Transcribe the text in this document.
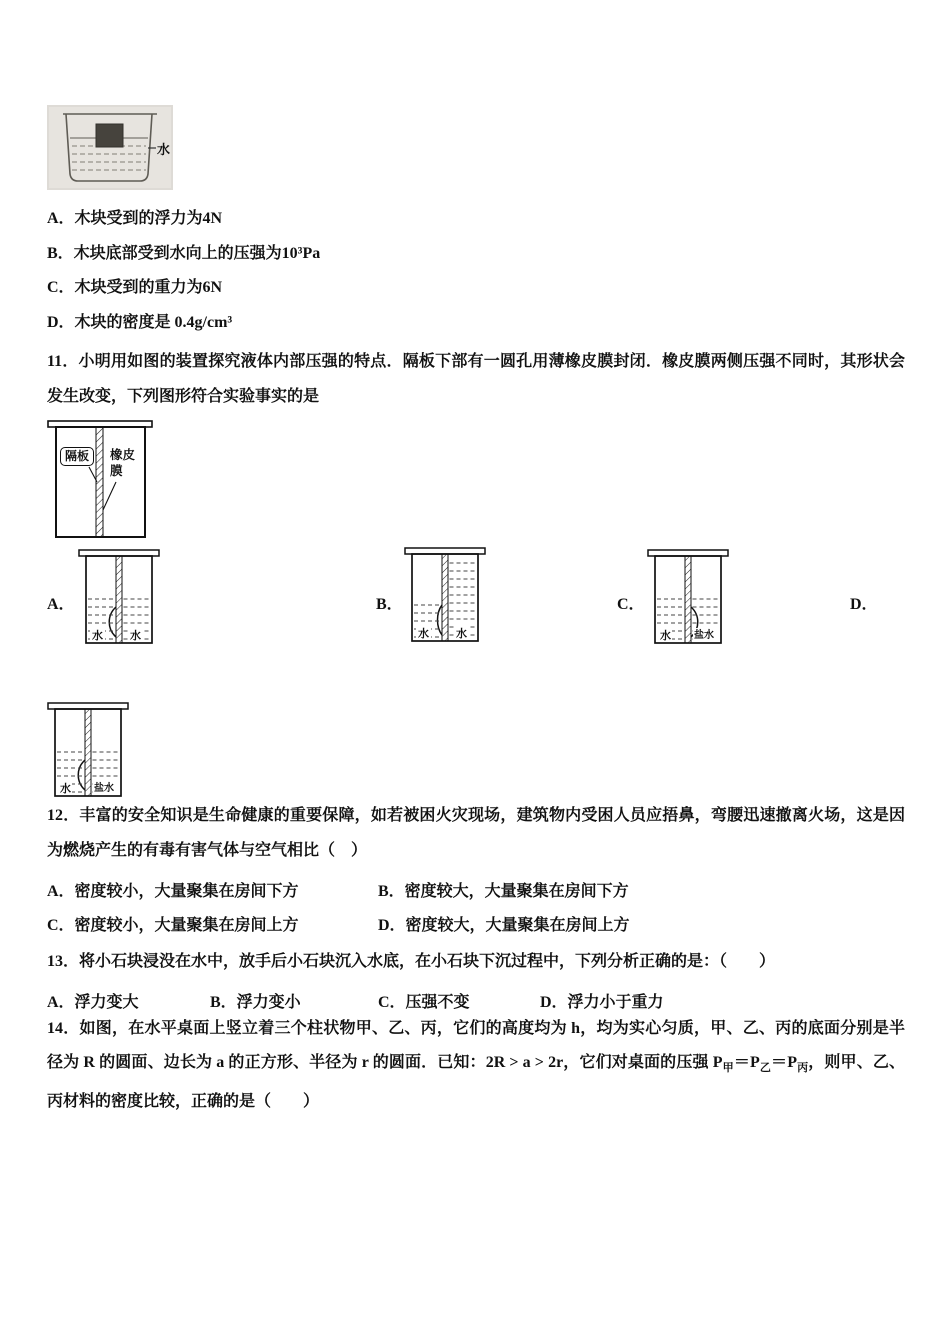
水
A．木块受到的浮力为4N
B．木块底部受到水向上的压强为10³Pa
C．木块受到的重力为6N
D．木块的密度是 0.4g/cm³
11．小明用如图的装置探究液体内部压强的特点．隔板下部有一圆孔用薄橡皮膜封闭．橡皮膜两侧压强不同时，其形状会发生改变，下列图形符合实验事实的是
隔板	橡皮膜
A．	B．	C．	D．
水 水	水 水	水 盐水
水 盐水
12．丰富的安全知识是生命健康的重要保障，如若被困火灾现场，建筑物内受困人员应捂鼻，弯腰迅速撤离火场，这是因为燃烧产生的有毒有害气体与空气相比（　）
A．密度较小，大量聚集在房间下方	B．密度较大，大量聚集在房间下方
C．密度较小，大量聚集在房间上方	D．密度较大，大量聚集在房间上方
13．将小石块浸没在水中，放手后小石块沉入水底，在小石块下沉过程中，下列分析正确的是：（　　）
A．浮力变大	B．浮力变小	C．压强不变	D．浮力小于重力
14．如图，在水平桌面上竖立着三个柱状物甲、乙、丙，它们的高度均为 h，均为实心匀质，甲、乙、丙的底面分别是半径为 R 的圆面、边长为 a 的正方形、半径为 r 的圆面．已知：2R > a > 2r，它们对桌面的压强 $P_甲=P_乙=P_丙$，则甲、乙、丙材料的密度比较，正确的是（　　）
